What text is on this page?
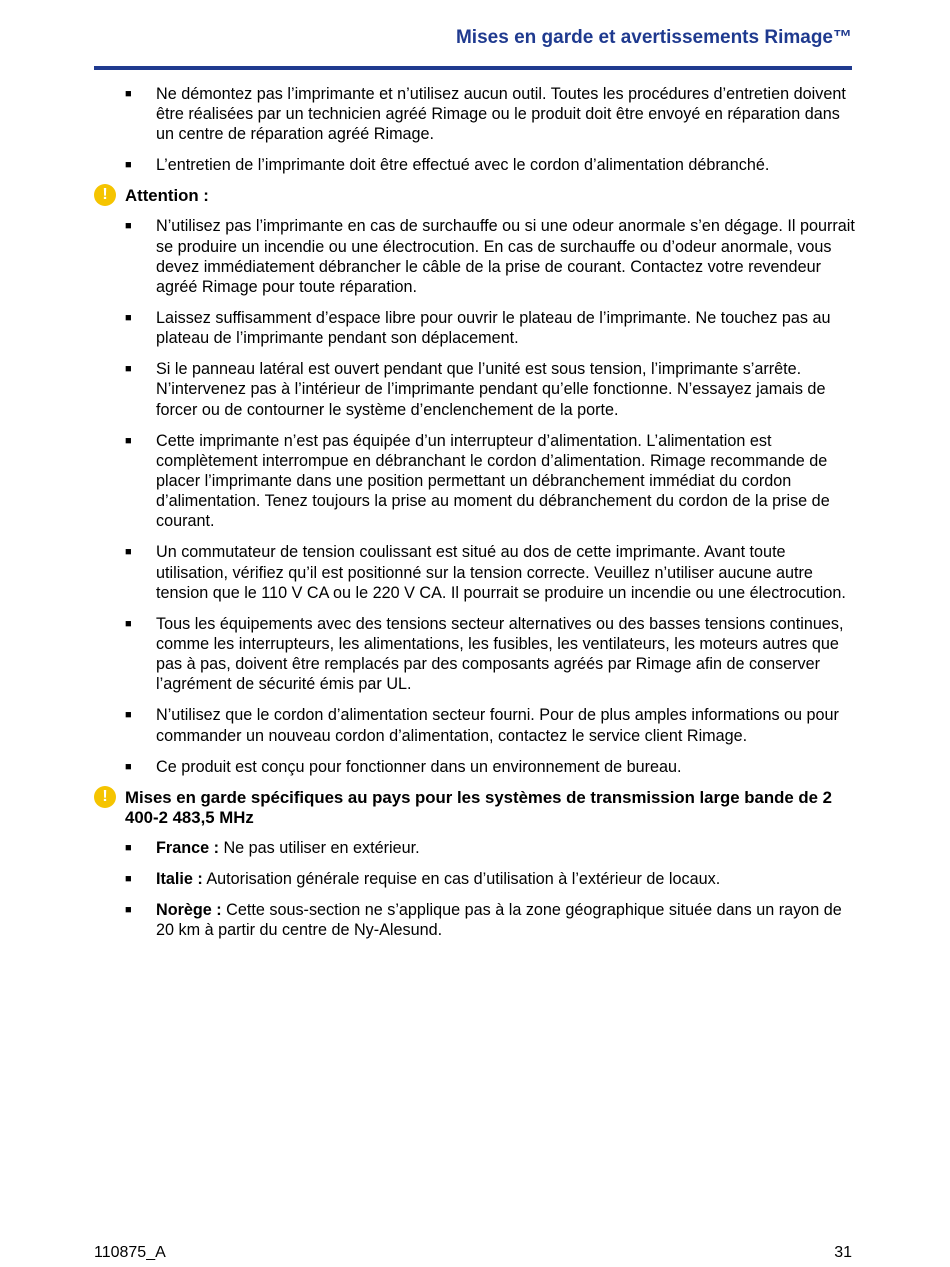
Mises en garde et avertissements Rimage™
■ Ne démontez pas l’imprimante et n’utilisez aucun outil. Toutes les procédures d’entretien doivent être réalisées par un technicien agréé Rimage ou le produit doit être envoyé en réparation dans un centre de réparation agréé Rimage.
■ L’entretien de l’imprimante doit être effectué avec le cordon d’alimentation débranché.
!	Attention :
■ N’utilisez pas l’imprimante en cas de surchauffe ou si une odeur anormale s’en dégage. Il pourrait se produire un incendie ou une électrocution. En cas de surchauffe ou d’odeur anormale, vous devez immédiatement débrancher le câble de la prise de courant. Contactez votre revendeur agréé Rimage pour toute réparation.
■ Laissez suffisamment d’espace libre pour ouvrir le plateau de l’imprimante. Ne touchez pas au plateau de l’imprimante pendant son déplacement.
■ Si le panneau latéral est ouvert pendant que l’unité est sous tension, l’imprimante s’arrête. N’intervenez pas à l’intérieur de l’imprimante pendant qu’elle fonctionne. N’essayez jamais de forcer ou de contourner le système d’enclenchement de la porte.
■ Cette imprimante n’est pas équipée d’un interrupteur d’alimentation. L’alimentation est complètement interrompue en débranchant le cordon d’alimentation. Rimage recommande de placer l’imprimante dans une position permettant un débranchement immédiat du cordon d’alimentation. Tenez toujours la prise au moment du débranchement du cordon de la prise de courant.
■ Un commutateur de tension coulissant est situé au dos de cette imprimante. Avant toute utilisation, vérifiez qu’il est positionné sur la tension correcte. Veuillez n’utiliser aucune autre tension que le 110 V CA ou le 220 V CA. Il pourrait se produire un incendie ou une électrocution.
■ Tous les équipements avec des tensions secteur alternatives ou des basses tensions continues, comme les interrupteurs, les alimentations, les fusibles, les ventilateurs, les moteurs autres que pas à pas, doivent être remplacés par des composants agréés par Rimage afin de conserver l’agrément de sécurité émis par UL.
■ N’utilisez que le cordon d’alimentation secteur fourni. Pour de plus amples informations ou pour commander un nouveau cordon d’alimentation, contactez le service client Rimage.
■ Ce produit est conçu pour fonctionner dans un environnement de bureau.
!	Mises en garde spécifiques au pays pour les systèmes de transmission large bande de 2 400-2 483,5 MHz
■ France : Ne pas utiliser en extérieur.
■ Italie : Autorisation générale requise en cas d’utilisation à l’extérieur de locaux.
■ Norège : Cette sous-section ne s’applique pas à la zone géographique située dans un rayon de 20 km à partir du centre de Ny-Alesund.
110875_A	31
